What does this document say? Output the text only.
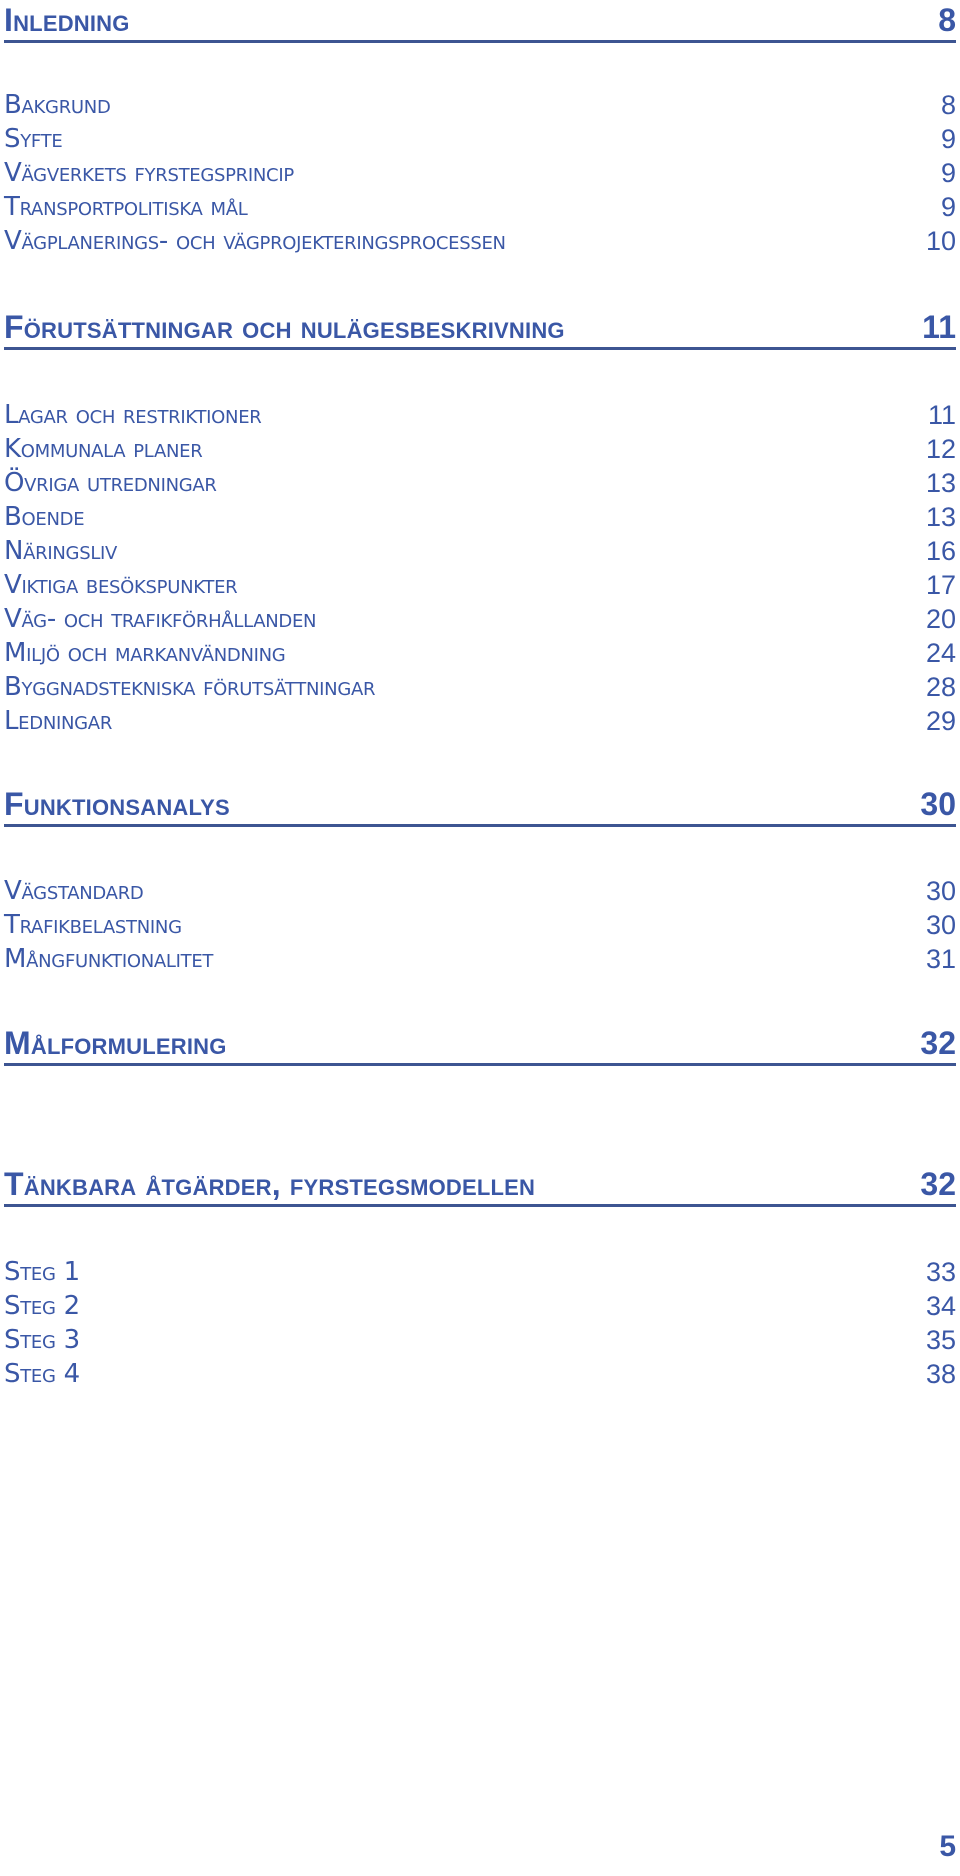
Inledning	8
Bakgrund	8
Syfte	9
Vägverkets fyrstegsprincip	9
Transportpolitiska mål	9
Vägplanerings- och vägprojekteringsprocessen	10
Förutsättningar och nulägesbeskrivning	11
Lagar och restriktioner	11
Kommunala planer	12
Övriga utredningar	13
Boende	13
Näringsliv	16
Viktiga besökspunkter	17
Väg- och trafikförhållanden	20
Miljö och markanvändning	24
Byggnadstekniska förutsättningar	28
Ledningar	29
Funktionsanalys	30
Vägstandard	30
Trafikbelastning	30
Mångfunktionalitet	31
Målformulering	32
Tänkbara åtgärder, fyrstegsmodellen	32
Steg 1	33
Steg 2	34
Steg 3	35
Steg 4	38
5
